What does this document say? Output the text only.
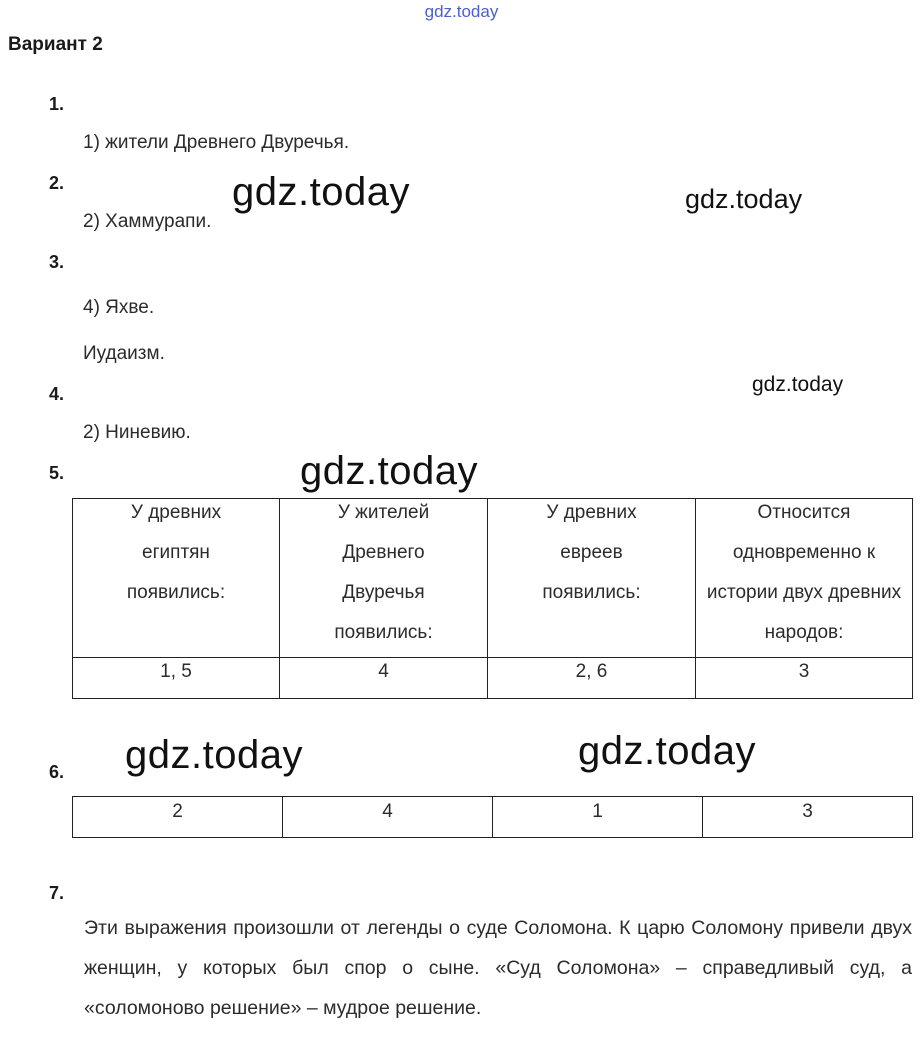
gdz.today
Вариант 2
1.
1) жители Древнего Двуречья.
2.
2) Хаммурапи.
gdz.today	gdz.today
3.
4) Яхве.
Иудаизм.
4.
2) Ниневию.
gdz.today
5.	gdz.today
У древних египтян появились:	У жителей Древнего Двуречья появились:	У древних евреев появились:	Относится одновременно к истории двух древних народов:

1, 5	4	2, 6	3
6. gdz.today	gdz.today
2	4	1	3
7.
Эти выражения произошли от легенды о суде Соломона. К царю Соломону привели двух женщин, у которых был спор о сыне. «Суд Соломона» – справедливый суд, а «соломоново решение» – мудрое решение.
